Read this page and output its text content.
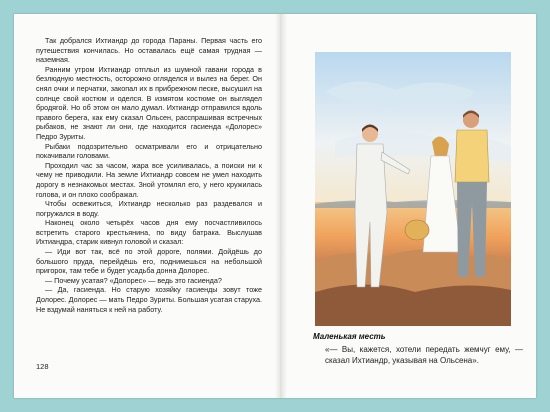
Так добрался Ихтиандр до города Параны. Первая часть его путешествия кончилась. Но оставалась ещё самая трудная — наземная.

Ранним утром Ихтиандр отплыл из шумной гавани города в безлюдную местность, осторожно огляделся и вылез на берег. Он снял очки и перчатки, закопал их в прибрежном песке, высушил на солнце свой костюм и оделся. В измятом костюме он выглядел бродягой. Но об этом он мало думал. Ихтиандр отправился вдоль правого берега, как ему сказал Ольсен, расспрашивая встречных рыбаков, не знают ли они, где находится гасиенда «Долорес» Педро Зуриты.

Рыбаки подозрительно осматривали его и отрицательно покачивали головами.

Проходил час за часом, жара все усиливалась, а поиски ни к чему не приводили. На земле Ихтиандр совсем не умел находить дорогу в незнакомых местах. Зной утомлял его, у него кружилась голова, и он плохо соображал.

Чтобы освежиться, Ихтиандр несколько раз раздевался и погружался в воду.

Наконец около четырёх часов дня ему посчастливилось встретить старого крестьянина, по виду батрака. Выслушав Ихтиандра, старик кивнул головой и сказал:

— Иди вот так, всё по этой дороге, полями. Дойдёшь до большого пруда, перейдёшь его, поднимешься на небольшой пригорок, там тебе и будет усадьба донна Долорес.

— Почему усатая? «Долорес» — ведь это гасиенда?

— Да, гасиенда. Но старую хозяйку гасиенды зовут тоже Долорес. Долорес — мать Педро Зуриты. Большая усатая старуха. Не вздумай наняться к ней на работу.

128
Маленькая месть
«— Вы, кажется, хотели передать жемчуг ему, — сказал Ихтиандр, указывая на Ольсена».
